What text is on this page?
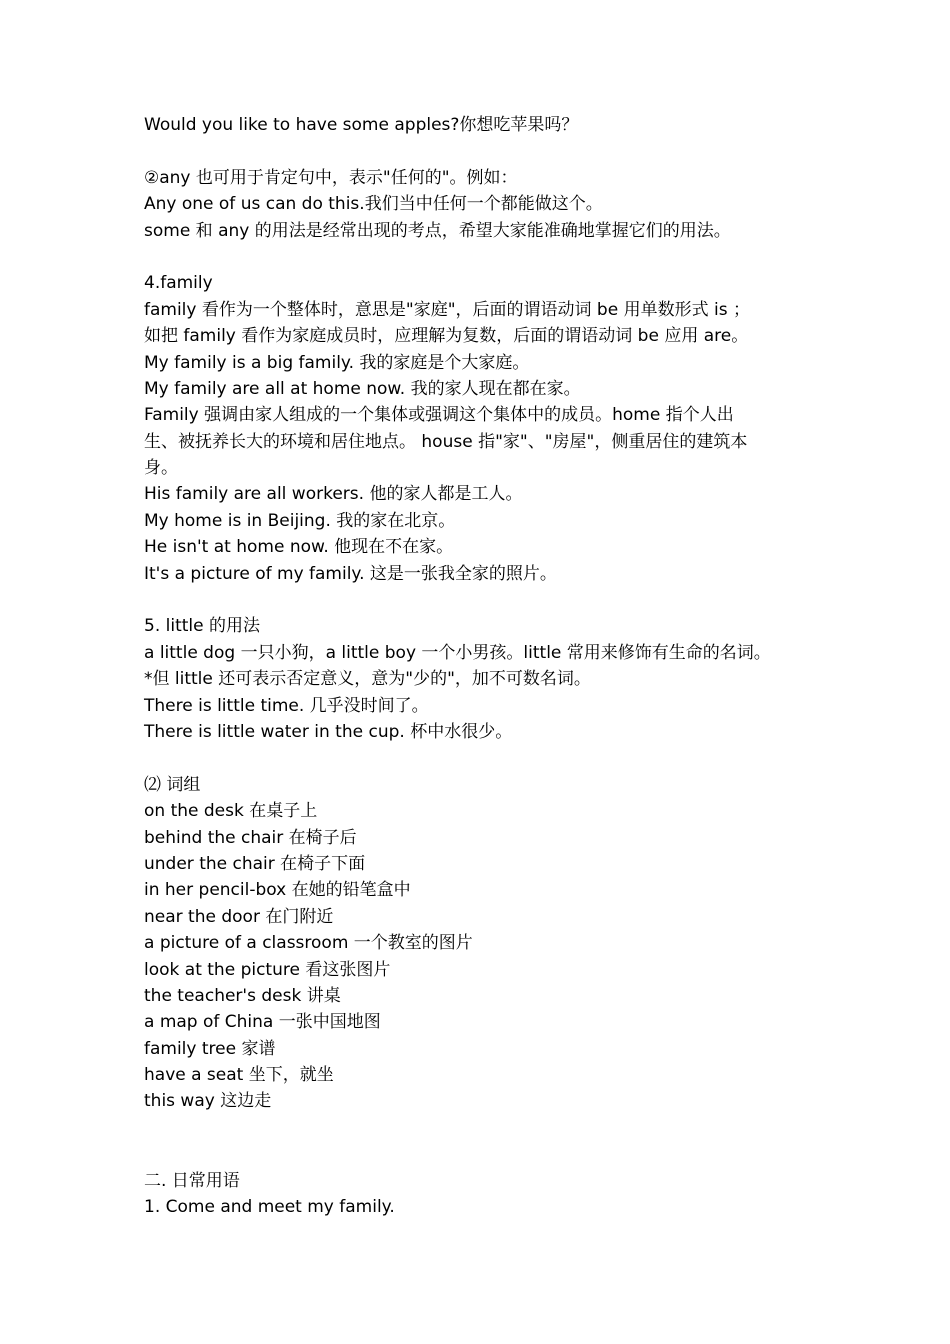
Would you like to have some apples?你想吃苹果吗？
②any 也可用于肯定句中，表示"任何的"。例如：
Any one of us can do this.我们当中任何一个都能做这个。
some 和 any 的用法是经常出现的考点，希望大家能准确地掌握它们的用法。
4.family
family 看作为一个整体时，意思是"家庭"，后面的谓语动词 be 用单数形式 is ；
如把 family 看作为家庭成员时，应理解为复数，后面的谓语动词 be 应用 are。
My family is a big family. 我的家庭是个大家庭。
My family are all at home now. 我的家人现在都在家。
Family 强调由家人组成的一个集体或强调这个集体中的成员。home 指个人出
生、被抚养长大的环境和居住地点。 house 指"家"、"房屋"，侧重居住的建筑本
身。
His family are all workers. 他的家人都是工人。
My home is in Beijing. 我的家在北京。
He isn't at home now. 他现在不在家。
It's a picture of my family. 这是一张我全家的照片。
5. little 的用法
a little dog 一只小狗，a little boy 一个小男孩。little 常用来修饰有生命的名词。
*但 little 还可表示否定意义，意为"少的"，加不可数名词。
There is little time. 几乎没时间了。
There is little water in the cup. 杯中水很少。
⑵ 词组
on the desk 在桌子上
behind the chair 在椅子后
under the chair 在椅子下面
in her pencil-box 在她的铅笔盒中
near the door 在门附近
a picture of a classroom 一个教室的图片
look at the picture 看这张图片
the teacher's desk 讲桌
a map of China 一张中国地图
family tree 家谱
have a seat 坐下，就坐
this way 这边走
二. 日常用语
1. Come and meet my family.
